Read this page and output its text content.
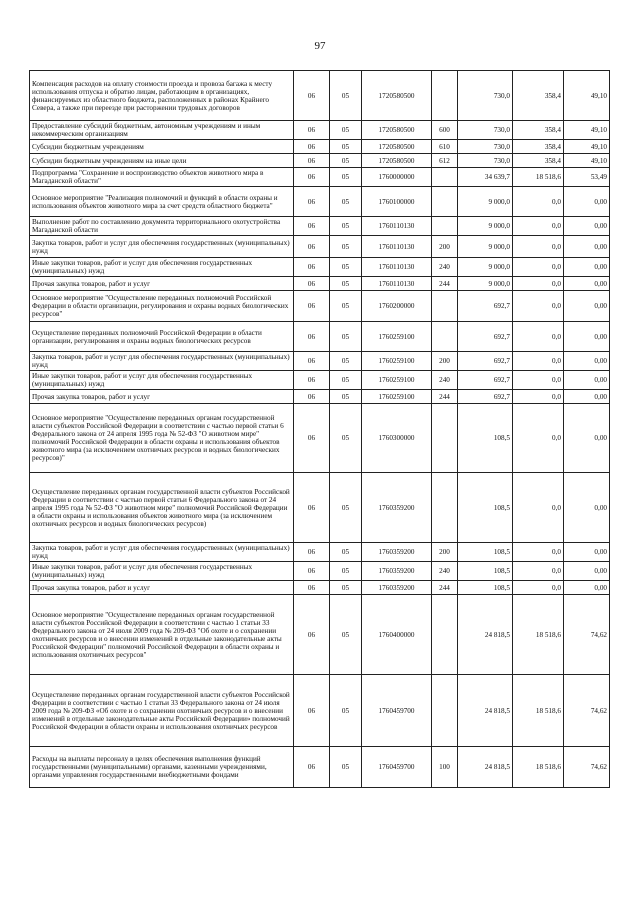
97
Компенсация расходов на оплату стоимости проезда и провоза багажа к месту использования отпуска и обратно лицам, работающим в организациях, финансируемых из областного бюджета, расположенных в районах Крайнего Севера, а также при переезде при расторжении трудовых договоров	06	05	1720580500		730,0	358,4	49,10
Предоставление субсидий бюджетным, автономным учреждениям и иным некоммерческим организациям	06	05	1720580500	600	730,0	358,4	49,10
Субсидии бюджетным учреждениям	06	05	1720580500	610	730,0	358,4	49,10
Субсидии бюджетным учреждениям на иные цели	06	05	1720580500	612	730,0	358,4	49,10
Подпрограмма "Сохранение и воспроизводство объектов животного мира в Магаданской области"	06	05	1760000000		34 639,7	18 518,6	53,49
Основное мероприятие "Реализация полномочий и функций в области охраны и использования объектов животного мира за счет средств областного бюджета"	06	05	1760100000		9 000,0	0,0	0,00
Выполнение работ по составлению документа территориального охотустройства Магаданской области	06	05	1760110130		9 000,0	0,0	0,00
Закупка товаров, работ и услуг для обеспечения государственных (муниципальных) нужд	06	05	1760110130	200	9 000,0	0,0	0,00
Иные закупки товаров, работ и услуг для обеспечения государственных (муниципальных) нужд	06	05	1760110130	240	9 000,0	0,0	0,00
Прочая закупка товаров, работ и услуг	06	05	1760110130	244	9 000,0	0,0	0,00
Основное мероприятие "Осуществление переданных полномочий Российской Федерации в области организации, регулирования и охраны водных биологических ресурсов"	06	05	1760200000		692,7	0,0	0,00
Осуществление переданных полномочий Российской Федерации в области организации, регулирования и охраны водных биологических ресурсов	06	05	1760259100		692,7	0,0	0,00
Закупка товаров, работ и услуг для обеспечения государственных (муниципальных) нужд	06	05	1760259100	200	692,7	0,0	0,00
Иные закупки товаров, работ и услуг для обеспечения государственных (муниципальных) нужд	06	05	1760259100	240	692,7	0,0	0,00
Прочая закупка товаров, работ и услуг	06	05	1760259100	244	692,7	0,0	0,00
Основное мероприятие "Осуществление переданных органам государственной власти субъектов Российской Федерации в соответствии с частью первой статьи 6 Федерального закона от 24 апреля 1995 года № 52-ФЗ "О животном мире" полномочий Российской Федерации в области охраны и использования объектов животного мира (за исключением охотничьих ресурсов и водных биологических ресурсов)"	06	05	1760300000		108,5	0,0	0,00
Осуществление переданных органам государственной власти субъектов Российской Федерации в соответствии с частью первой статьи 6 Федерального закона от 24 апреля 1995 года № 52-ФЗ "О животном мире" полномочий Российской Федерации в области охраны и использования объектов животного мира (за исключением охотничьих ресурсов и водных биологических ресурсов)	06	05	1760359200		108,5	0,0	0,00
Закупка товаров, работ и услуг для обеспечения государственных (муниципальных) нужд	06	05	1760359200	200	108,5	0,0	0,00
Иные закупки товаров, работ и услуг для обеспечения государственных (муниципальных) нужд	06	05	1760359200	240	108,5	0,0	0,00
Прочая закупка товаров, работ и услуг	06	05	1760359200	244	108,5	0,0	0,00
Основное мероприятие "Осуществление переданных органам государственной власти субъектов Российской Федерации в соответствии с частью 1 статьи 33 Федерального закона от 24 июля 2009 года № 209-ФЗ "Об охоте и о сохранении охотничьих ресурсов и о внесении изменений в отдельные законодательные акты Российской Федерации" полномочий Российской Федерации в области охраны и использования охотничьих ресурсов"	06	05	1760400000		24 818,5	18 518,6	74,62
Осуществление переданных органам государственной власти субъектов Российской Федерации в соответствии с частью 1 статьи 33 Федерального закона от 24 июля 2009 года № 209-ФЗ «Об охоте и о сохранении охотничьих ресурсов и о внесении изменений в отдельные законодательные акты Российской Федерации» полномочий Российской Федерации в области охраны и использования охотничьих ресурсов	06	05	1760459700		24 818,5	18 518,6	74,62
Расходы на выплаты персоналу в целях обеспечения выполнения функций государственными (муниципальными) органами, казенными учреждениями, органами управления государственными внебюджетными фондами	06	05	1760459700	100	24 818,5	18 518,6	74,62
